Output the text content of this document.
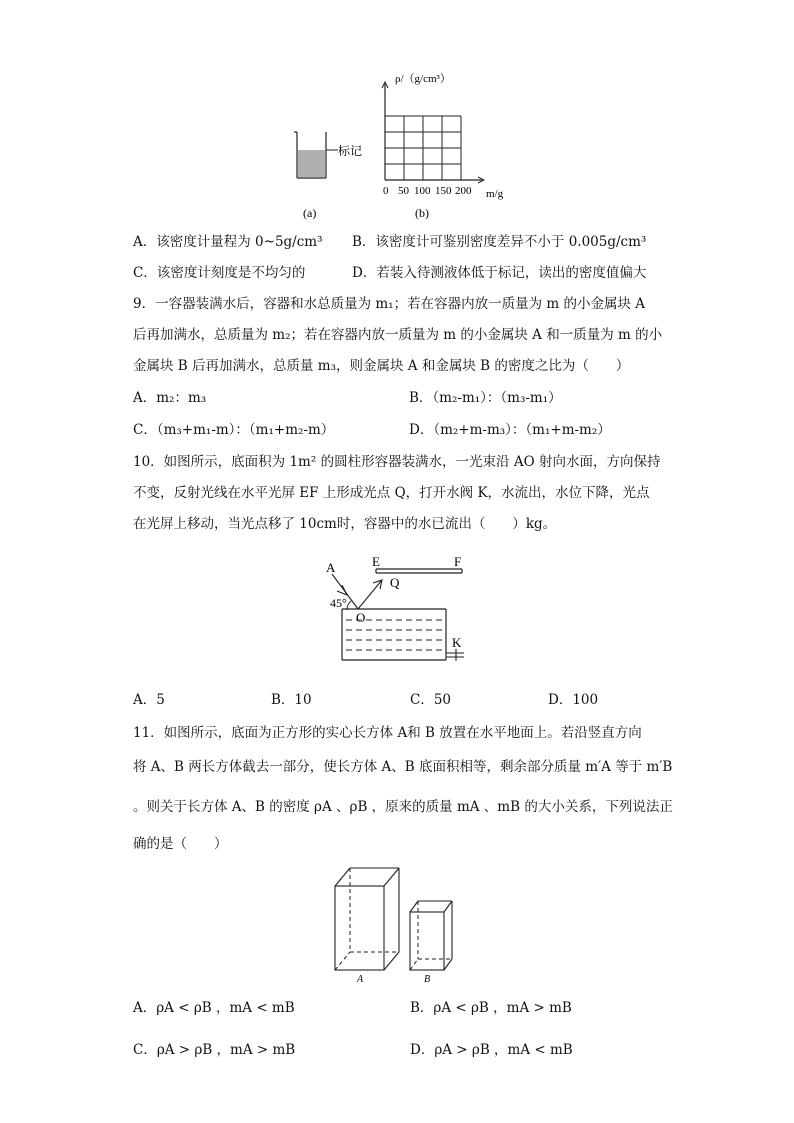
标记
(a)
ρ/（g/cm³）
m/g
0 50 100 150 200
(b)
A．该密度计量程为 0~5g/cm³ B．该密度计可鉴别密度差异不小于 0.005g/cm³
C．该密度计刻度是不均匀的	D．若装入待测液体低于标记，读出的密度值偏大
9．一容器装满水后，容器和水总质量为 m₁；若在容器内放一质量为 m 的小金属块 A
后再加满水，总质量为 m₂；若在容器内放一质量为 m 的小金属块 A 和一质量为 m 的小
金属块 B 后再加满水，总质量 m₃，则金属块 A 和金属块 B 的密度之比为（　　）
A．m₂：m₃	B．（m₂-m₁）：（m₃-m₁）
C．（m₃+m₁-m）：（m₁+m₂-m）	D．（m₂+m-m₃）：（m₁+m-m₂）
10．如图所示，底面积为 1m² 的圆柱形容器装满水，一光束沿 AO 射向水面，方向保持
不变，反射光线在水平光屏 EF 上形成光点 Q，打开水阀 K，水流出，水位下降，光点
在光屏上移动，当光点移了 10cm时，容器中的水已流出（　　）kg。
E	F
A
Q
45°
O
K
A．5	B．10	C．50	D．100
11．如图所示，底面为正方形的实心长方体 A和 B 放置在水平地面上。若沿竖直方向
将 A、B 两长方体截去一部分，使长方体 A、B 底面积相等，剩余部分质量 m′A 等于 m′B
。则关于长方体 A、B 的密度 ρA 、ρB ，原来的质量 mA 、mB 的大小关系，下列说法正
确的是（　　）
A	B
A．ρA < ρB ，mA < mB	B．ρA < ρB ，mA > mB
C．ρA > ρB ，mA > mB	D．ρA > ρB ，mA < mB
